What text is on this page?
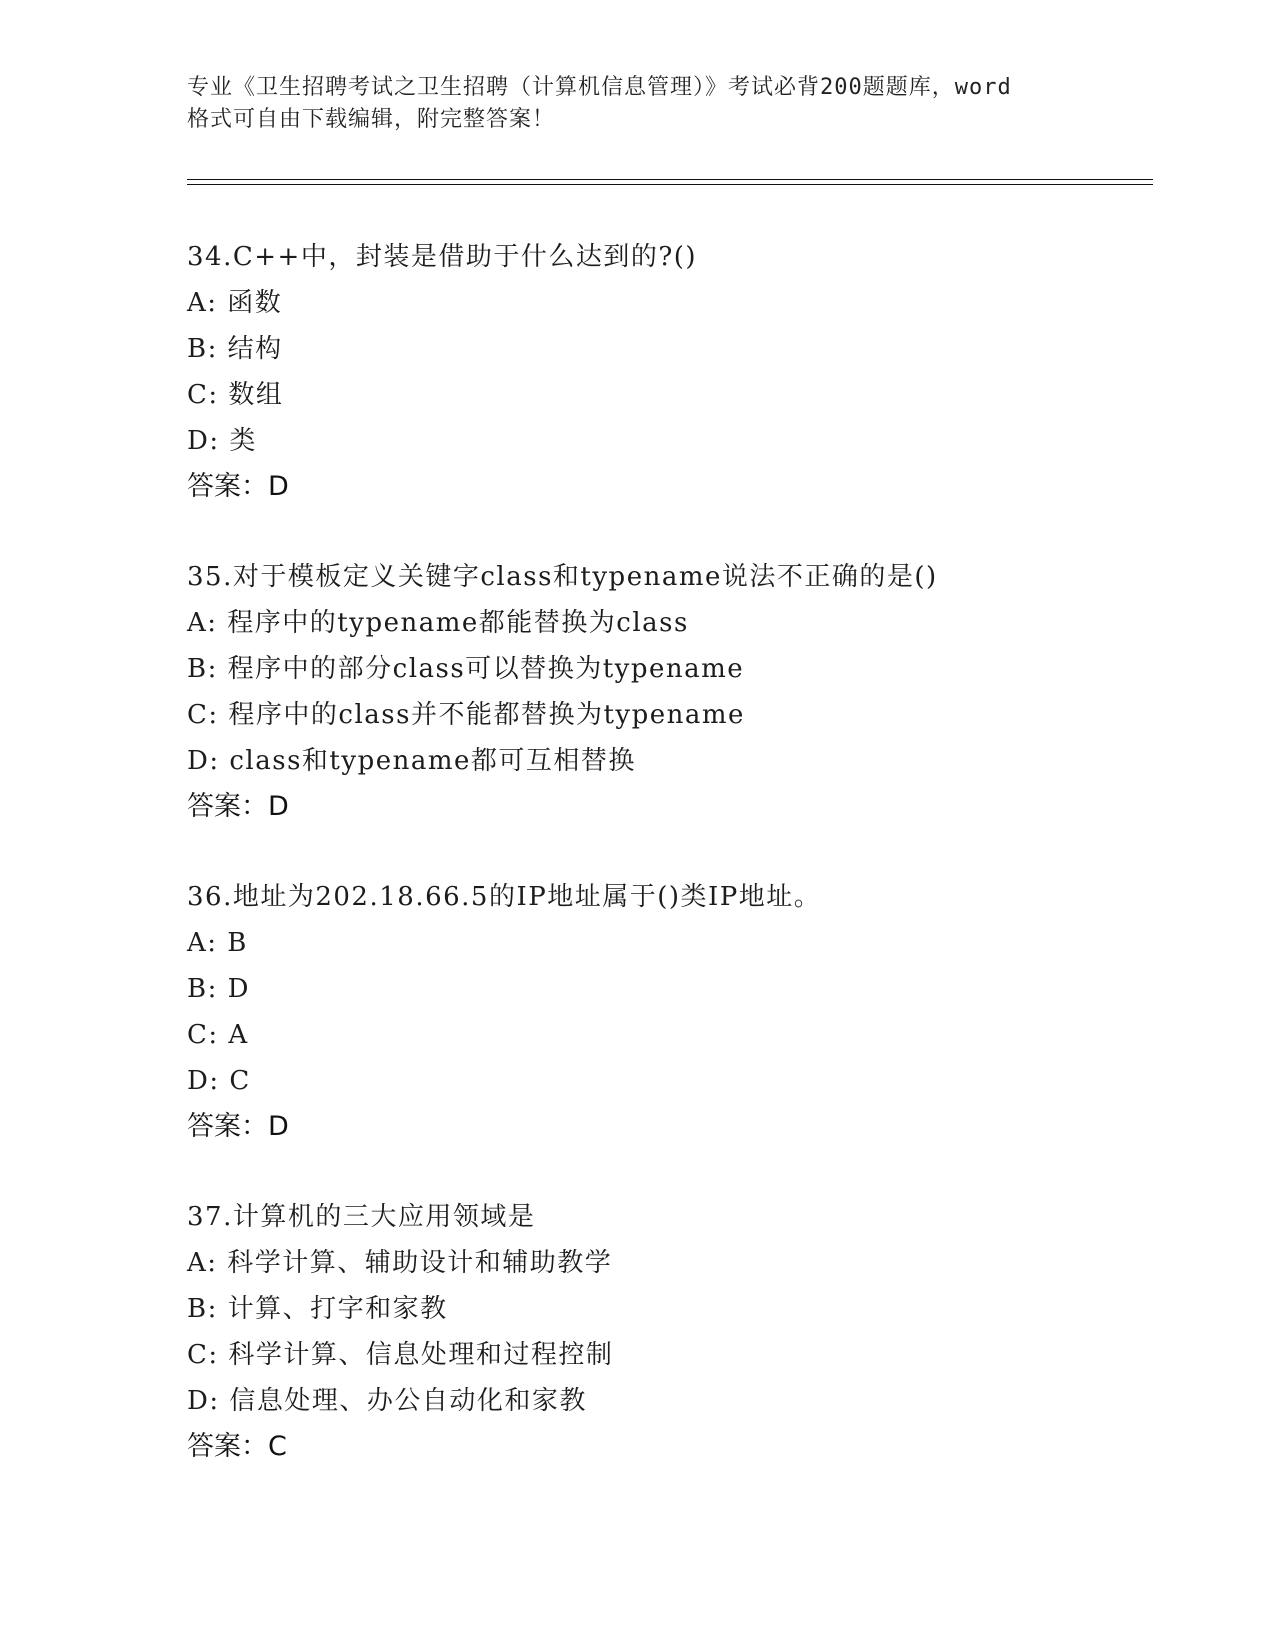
专业《卫生招聘考试之卫生招聘（计算机信息管理）》考试必背200题题库，word
格式可自由下载编辑，附完整答案！
34.C++中，封装是借助于什么达到的?()
A: 函数
B: 结构
C: 数组
D: 类
答案：D
35.对于模板定义关键字class和typename说法不正确的是()
A: 程序中的typename都能替换为class
B: 程序中的部分class可以替换为typename
C: 程序中的class并不能都替换为typename
D: class和typename都可互相替换
答案：D
36.地址为202.18.66.5的IP地址属于()类IP地址。
A: B
B: D
C: A
D: C
答案：D
37.计算机的三大应用领域是
A: 科学计算、辅助设计和辅助教学
B: 计算、打字和家教
C: 科学计算、信息处理和过程控制
D: 信息处理、办公自动化和家教
答案：C
